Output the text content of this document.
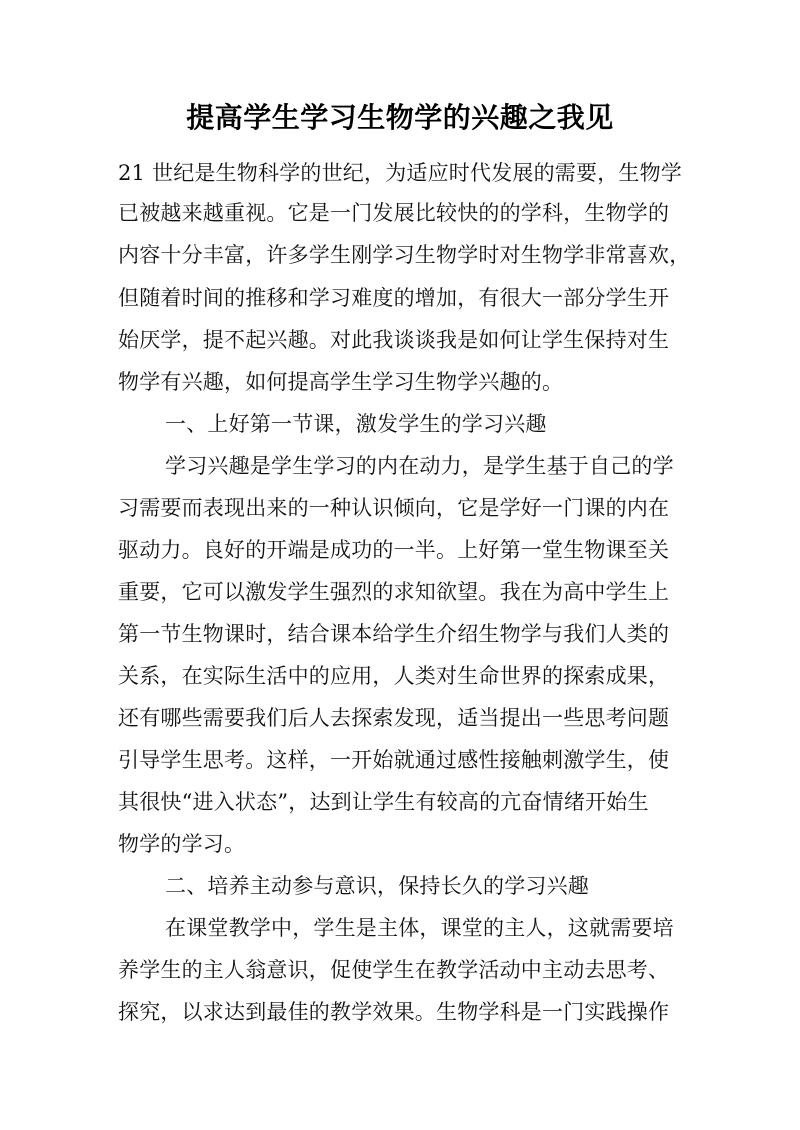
提高学生学习生物学的兴趣之我见
21 世纪是生物科学的世纪，为适应时代发展的需要，生物学
已被越来越重视。它是一门发展比较快的的学科，生物学的
内容十分丰富，许多学生刚学习生物学时对生物学非常喜欢，
但随着时间的推移和学习难度的增加，有很大一部分学生开
始厌学，提不起兴趣。对此我谈谈我是如何让学生保持对生
物学有兴趣，如何提高学生学习生物学兴趣的。
一、上好第一节课，激发学生的学习兴趣
学习兴趣是学生学习的内在动力，是学生基于自己的学
习需要而表现出来的一种认识倾向，它是学好一门课的内在
驱动力。良好的开端是成功的一半。上好第一堂生物课至关
重要，它可以激发学生强烈的求知欲望。我在为高中学生上
第一节生物课时，结合课本给学生介绍生物学与我们人类的
关系，在实际生活中的应用，人类对生命世界的探索成果，
还有哪些需要我们后人去探索发现，适当提出一些思考问题
引导学生思考。这样，一开始就通过感性接触刺激学生，使
其很快“进入状态”，达到让学生有较高的亢奋情绪开始生
物学的学习。
二、培养主动参与意识，保持长久的学习兴趣
在课堂教学中，学生是主体，课堂的主人，这就需要培
养学生的主人翁意识，促使学生在教学活动中主动去思考、
探究，以求达到最佳的教学效果。生物学科是一门实践操作
